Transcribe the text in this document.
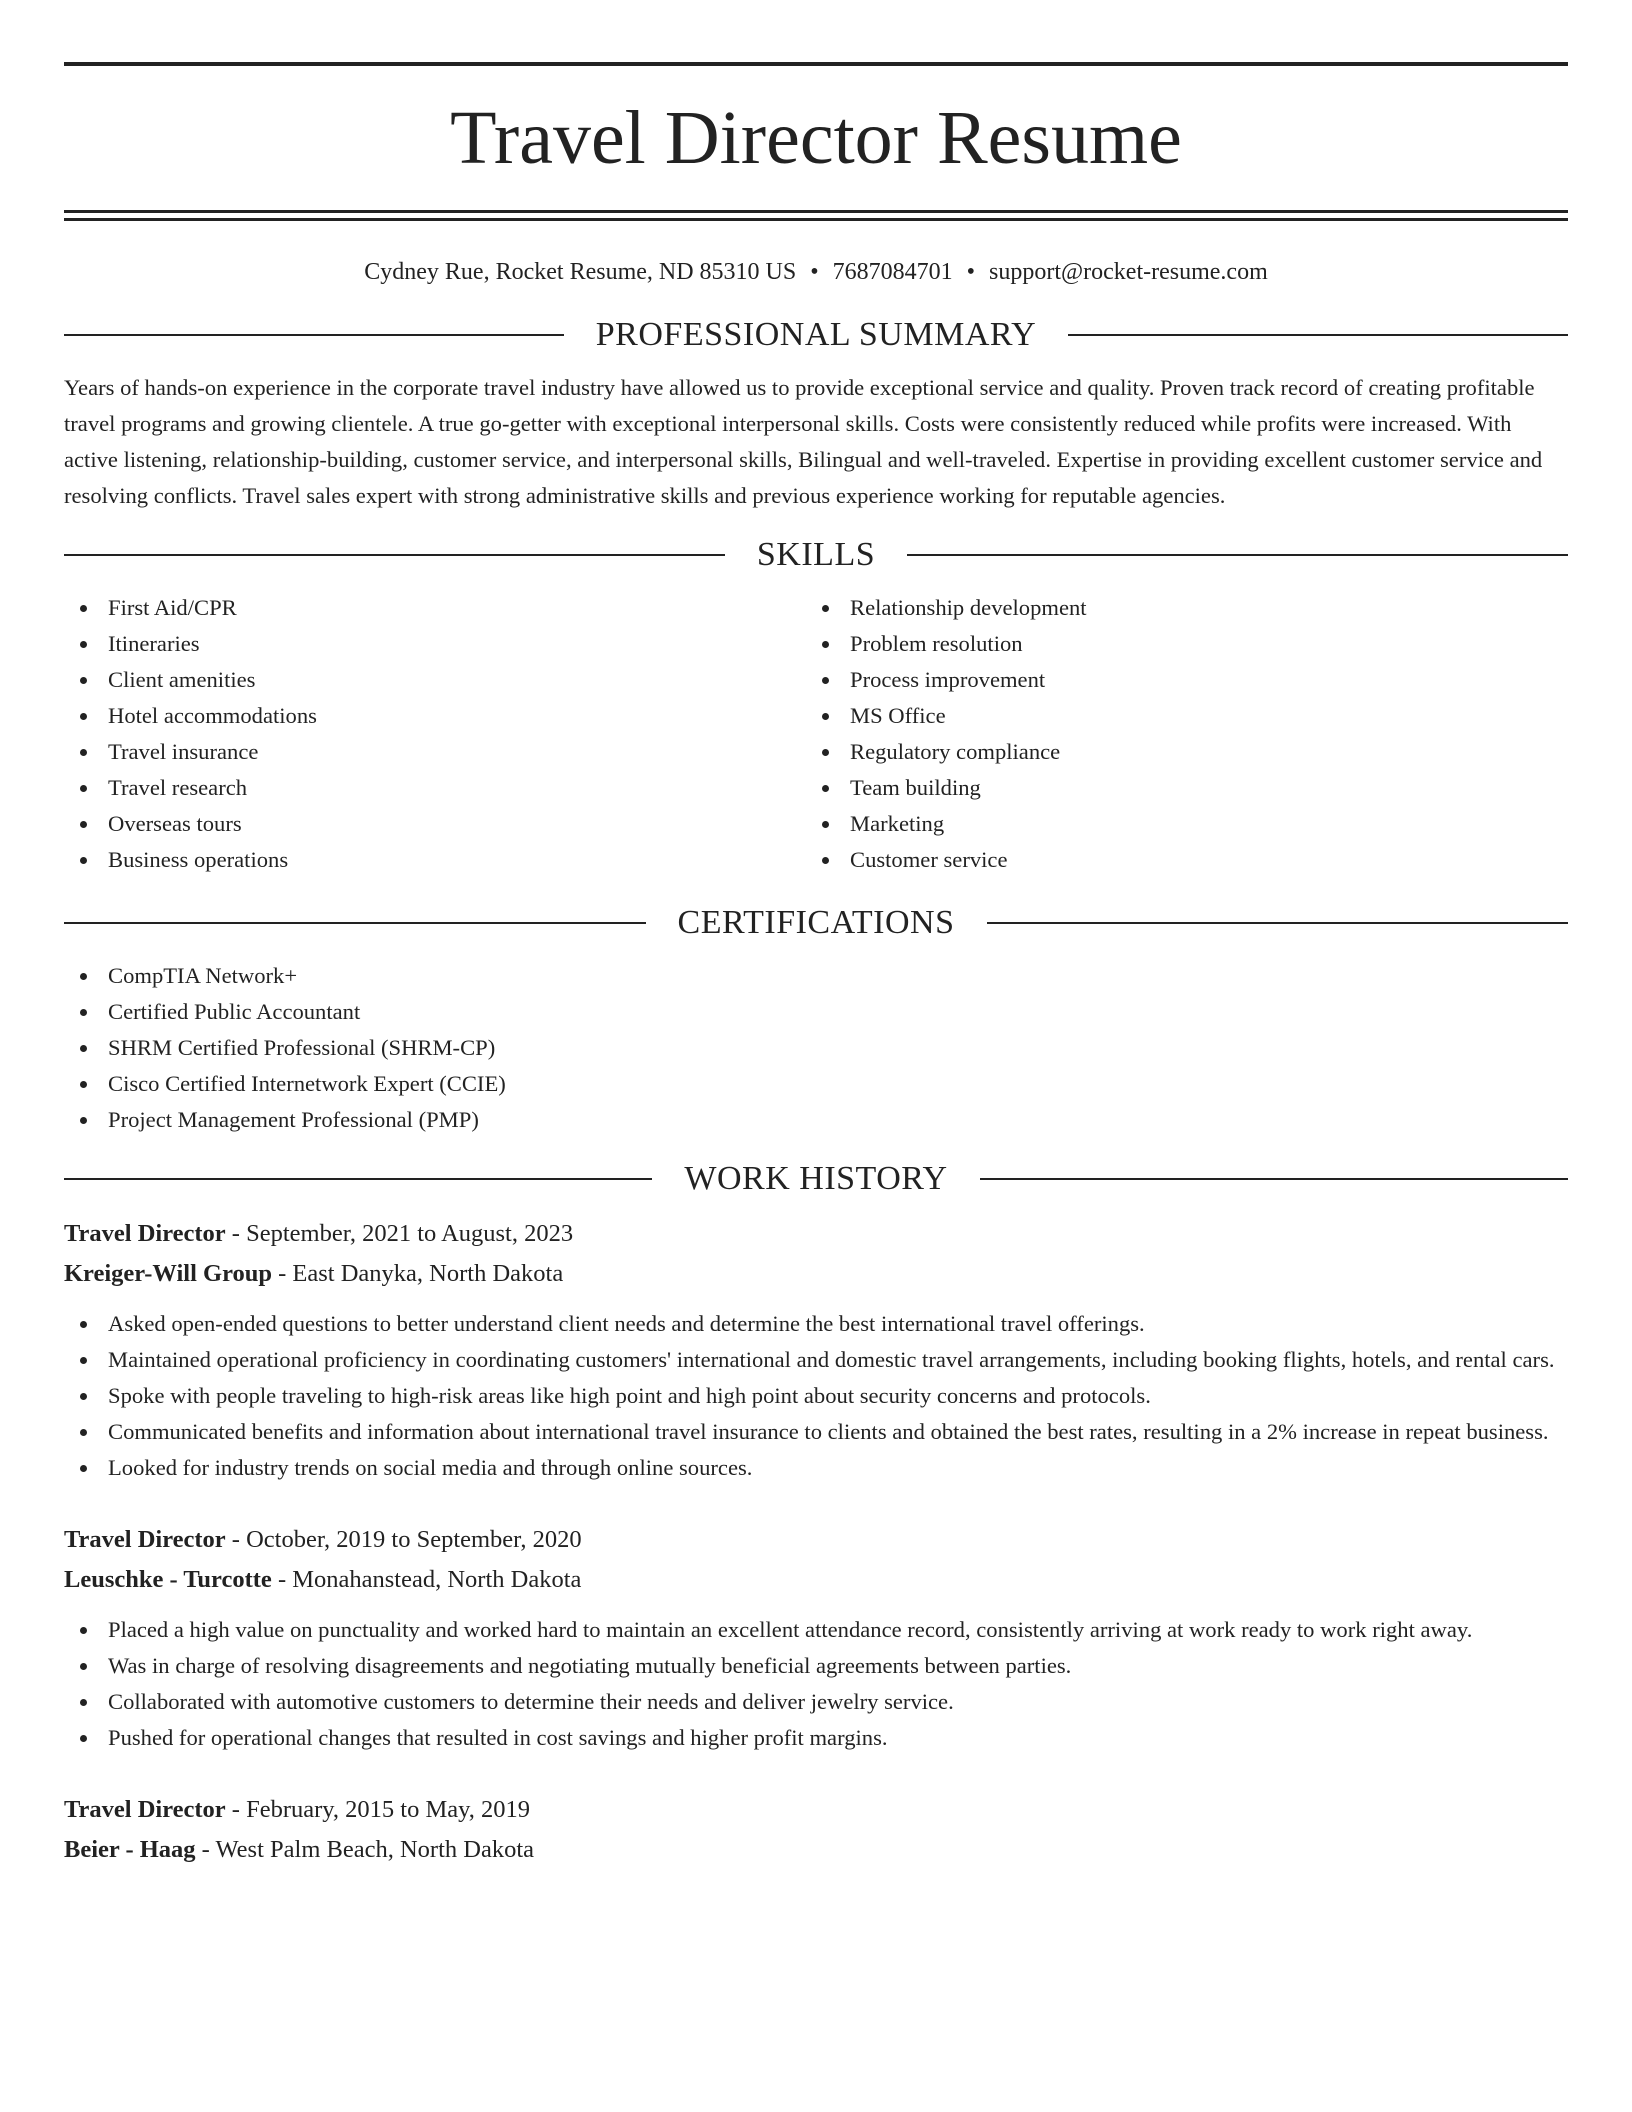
Travel Director Resume
Cydney Rue, Rocket Resume, ND 85310 US • 7687084701 • support@rocket-resume.com
PROFESSIONAL SUMMARY

Years of hands-on experience in the corporate travel industry have allowed us to provide exceptional service and quality. Proven track record of creating profitable travel programs and growing clientele. A true go-getter with exceptional interpersonal skills. Costs were consistently reduced while profits were increased. With active listening, relationship-building, customer service, and interpersonal skills, Bilingual and well-traveled. Expertise in providing excellent customer service and resolving conflicts. Travel sales expert with strong administrative skills and previous experience working for reputable agencies.

SKILLS
First Aid/CPR
Itineraries
Client amenities
Hotel accommodations
Travel insurance
Travel research
Overseas tours
Business operations
Relationship development
Problem resolution
Process improvement
MS Office
Regulatory compliance
Team building
Marketing
Customer service
CERTIFICATIONS
CompTIA Network+
Certified Public Accountant
SHRM Certified Professional (SHRM-CP)
Cisco Certified Internetwork Expert (CCIE)
Project Management Professional (PMP)
WORK HISTORY
Travel Director - September, 2021 to August, 2023
Kreiger-Will Group - East Danyka, North Dakota
Asked open-ended questions to better understand client needs and determine the best international travel offerings.
Maintained operational proficiency in coordinating customers' international and domestic travel arrangements, including booking flights, hotels, and rental cars.
Spoke with people traveling to high-risk areas like high point and high point about security concerns and protocols.
Communicated benefits and information about international travel insurance to clients and obtained the best rates, resulting in a 2% increase in repeat business.
Looked for industry trends on social media and through online sources.
Travel Director - October, 2019 to September, 2020
Leuschke - Turcotte - Monahanstead, North Dakota
Placed a high value on punctuality and worked hard to maintain an excellent attendance record, consistently arriving at work ready to work right away.
Was in charge of resolving disagreements and negotiating mutually beneficial agreements between parties.
Collaborated with automotive customers to determine their needs and deliver jewelry service.
Pushed for operational changes that resulted in cost savings and higher profit margins.
Travel Director - February, 2015 to May, 2019
Beier - Haag - West Palm Beach, North Dakota
